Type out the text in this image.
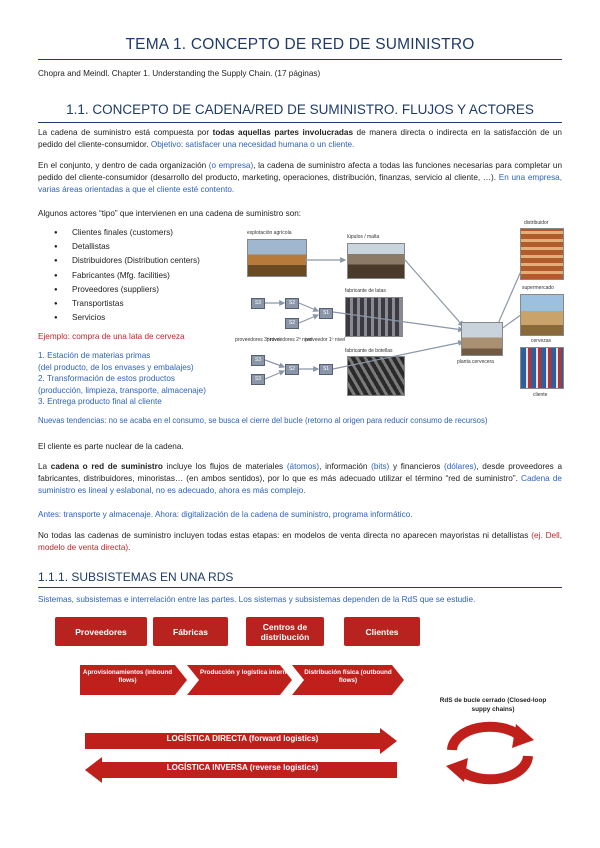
TEMA 1. CONCEPTO DE RED DE SUMINISTRO
Chopra and Meindl. Chapter 1. Understanding the Supply Chain. (17 páginas)
1.1. CONCEPTO DE CADENA/RED DE SUMINISTRO. FLUJOS Y ACTORES
La cadena de suministro está compuesta por todas aquellas partes involucradas de manera directa o indirecta en la satisfacción de un pedido del cliente-consumidor. Objetivo: satisfacer una necesidad humana o un cliente.
En el conjunto, y dentro de cada organización (o empresa), la cadena de suministro afecta a todas las funciones necesarias para completar un pedido del cliente-consumidor (desarrollo del producto, marketing, operaciones, distribución, finanzas, servicio al cliente, …). En una empresa, varias áreas orientadas a que el cliente esté contento.
Algunos actores “tipo” que intervienen en una cadena de suministro son:
● Clientes finales (customers)
● Detallistas
● Distribuidores (Distribution centers)
● Fabricantes (Mfg. facilities)
● Proveedores (suppliers)
● Transportistas
● Servicios
Ejemplo: compra de una lata de cerveza
1. Estación de materias primas
(del producto, de los envases y embalajes)
2. Transformación de estos productos
(producción, limpieza, transporte, almacenaje)
3. Entrega producto final al cliente
Nuevas tendencias: no se acaba en el consumo, se busca el cierre del bucle (retorno al origen para reducir consumo de recursos)
explotación agrícola
lúpulos / malta
fabricante de latas
fabricante de botellas
proveedores 3º nivel
proveedores 2º nivel
proveedor 1º nivel
S3	S2
S2
S1
S3
S3
S2	S1
planta cervecera
distribuidor
supermercado
cervezas
cliente
El cliente es parte nuclear de la cadena.
La cadena o red de suministro incluye los flujos de materiales (átomos), información (bits) y financieros (dólares), desde proveedores a fabricantes, distribuidores, minoristas… (en ambos sentidos), por lo que es más adecuado utilizar el término “red de suministro”. Cadena de suministro es lineal y eslabonal, no es adecuado, ahora es más complejo.
Antes: transporte y almacenaje. Ahora: digitalización de la cadena de suministro, programa informático.
No todas las cadenas de suministro incluyen todas estas etapas: en modelos de venta directa no aparecen mayoristas ni detallistas (ej. Dell, modelo de venta directa).
1.1.1. SUBSISTEMAS EN UNA RDS
Sistemas, subsistemas e interrelación entre las partes. Los sistemas y subsistemas dependen de la RdS que se estudie.
Proveedores	Fábricas	Centros de distribución	Clientes
Aprovisionamientos (inbound flows)
Producción y logística interna	Distribución física (outbound flows)
LOGÍSTICA DIRECTA (forward logistics)
LOGÍSTICA INVERSA (reverse logistics)
RdS de bucle cerrado (Closed-loop suppy chains)
